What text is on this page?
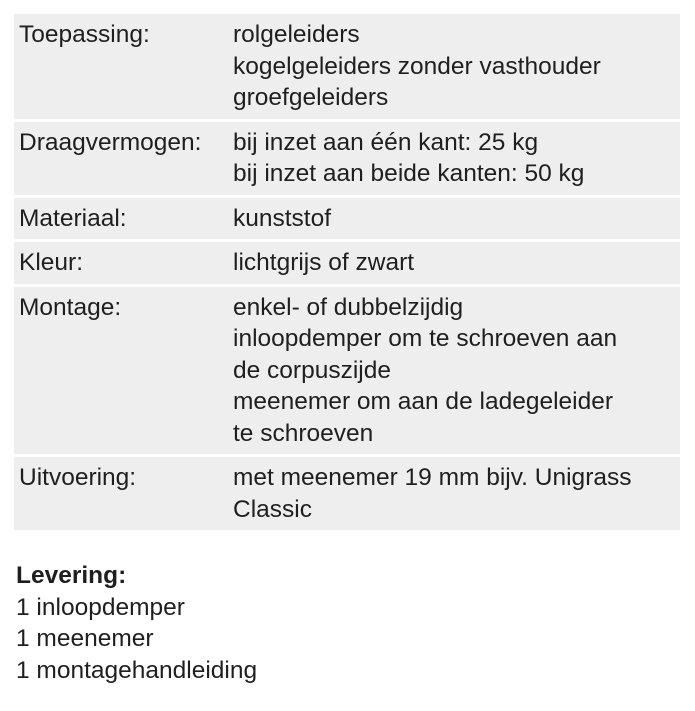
Toepassing:	rolgeleiders
kogelgeleiders zonder vasthouder
groefgeleiders

Draagvermogen:	bij inzet aan één kant: 25 kg
bij inzet aan beide kanten: 50 kg

Materiaal:	kunststof

Kleur:	lichtgrijs of zwart

Montage:	enkel- of dubbelzijdig
inloopdemper om te schroeven aan
de corpuszijde
meenemer om aan de ladegeleider
te schroeven

Uitvoering:	met meenemer 19 mm bijv. Unigrass
Classic
Levering:
1 inloopdemper
1 meenemer
1 montagehandleiding
